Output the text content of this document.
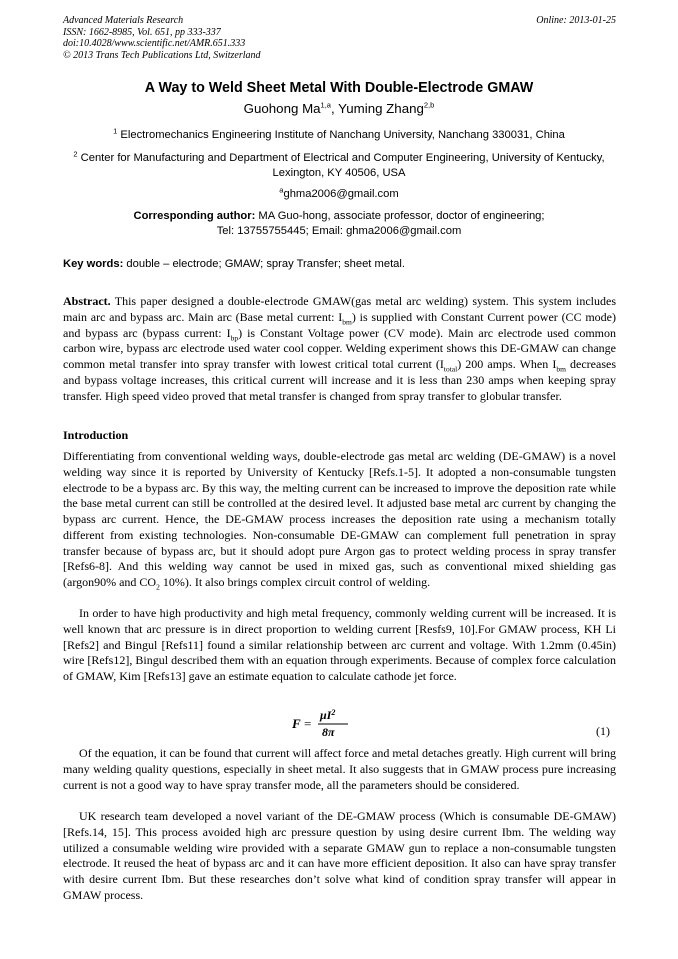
Advanced Materials Research
ISSN: 1662-8985, Vol. 651, pp 333-337
doi:10.4028/www.scientific.net/AMR.651.333
© 2013 Trans Tech Publications Ltd, Switzerland
Online: 2013-01-25
A Way to Weld Sheet Metal With Double-Electrode GMAW
Guohong Ma$^{1,a}$, Yuming Zhang$^{2,b}$
$^1$ Electromechanics Engineering Institute of Nanchang University, Nanchang 330031, China
$^2$ Center for Manufacturing and Department of Electrical and Computer Engineering, University of Kentucky, Lexington, KY 40506, USA
$^a$ghma2006@gmail.com
Corresponding author: MA Guo-hong, associate professor, doctor of engineering;
Tel: 13755755445; Email: ghma2006@gmail.com
Key words: double – electrode; GMAW; spray Transfer; sheet metal.

Abstract. This paper designed a double-electrode GMAW(gas metal arc welding) system. This system includes main arc and bypass arc. Main arc (Base metal current: $I_{bm}$) is supplied with Constant Current power (CC mode) and bypass arc (bypass current: $I_{bp}$) is Constant Voltage power (CV mode). Main arc electrode used common carbon wire, bypass arc electrode used water cool copper. Welding experiment shows this DE-GMAW can change common metal transfer into spray transfer with lowest critical total current $(I_{total})$ 200 amps. When $I_{bm}$ decreases and bypass voltage increases, this critical current will increase and it is less than 230 amps when keeping spray transfer. High speed video proved that metal transfer is changed from spray transfer to globular transfer.

Introduction

Differentiating from conventional welding ways, double-electrode gas metal arc welding (DE-GMAW) is a novel welding way since it is reported by University of Kentucky [Refs.1-5]. It adopted a non-consumable tungsten electrode to be a bypass arc. By this way, the melting current can be increased to improve the deposition rate while the base metal current can still be controlled at the desired level. It adjusted base metal arc current by changing the bypass arc current. Hence, the DE-GMAW process increases the deposition rate using a mechanism totally different from existing technologies. Non-consumable DE-GMAW can complement full penetration in spray transfer because of bypass arc, but it should adopt pure Argon gas to protect welding process in spray transfer [Refs6-8]. And this welding way cannot be used in mixed gas, such as conventional mixed shielding gas (argon90% and $CO_2$ 10%). It also brings complex circuit control of welding.

In order to have high productivity and high metal frequency, commonly welding current will be increased. It is well known that arc pressure is in direct proportion to welding current [Resfs9, 10].For GMAW process, KH Li [Refs2] and Bingul [Refs11] found a similar relationship between arc current and voltage. With 1.2mm (0.45in) wire [Refs12], Bingul described them with an equation through experiments. Because of complex force calculation of GMAW, Kim [Refs13] gave an estimate equation to calculate cathode jet force.

F =
$\mu I^2$
8π	(1)

Of the equation, it can be found that current will affect force and metal detaches greatly. High current will bring many welding quality questions, especially in sheet metal. It also suggests that in GMAW process pure increasing current is not a good way to have spray transfer mode, all the parameters should be considered.

UK research team developed a novel variant of the DE-GMAW process (Which is consumable DE-GMAW) [Refs.14, 15]. This process avoided high arc pressure question by using desire current Ibm. The welding way utilized a consumable welding wire provided with a separate GMAW gun to replace a non-consumable tungsten electrode. It reused the heat of bypass arc and it can have more efficient deposition. It also can have spray transfer with desire current Ibm. But these researches don’t solve what kind of condition spray transfer will appear in GMAW process.
